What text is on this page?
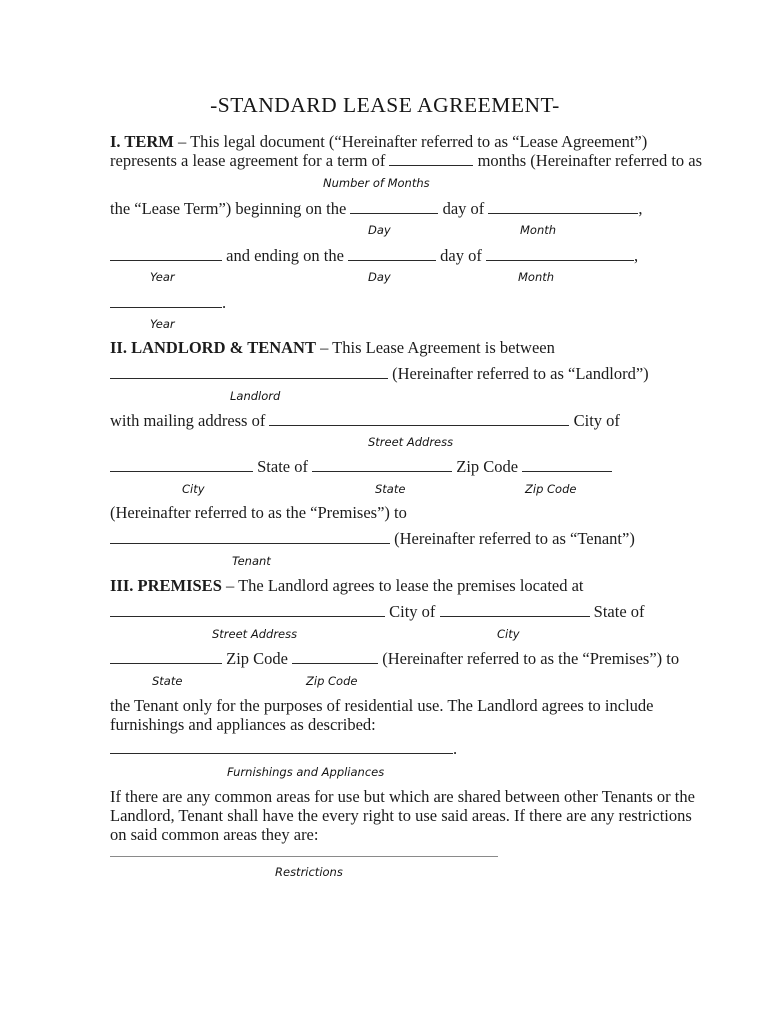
-STANDARD LEASE AGREEMENT-
I. TERM – This legal document (“Hereinafter referred to as “Lease Agreement”)
represents a lease agreement for a term of	months (Hereinafter referred to as
Number of Months
the “Lease Term”) beginning on the	day of	,
Day	Month
and ending on the	day of	,
Year	Day	Month
.
Year
II. LANDLORD & TENANT – This Lease Agreement is between
(Hereinafter referred to as “Landlord”)
Landlord
with mailing address of	City of
Street Address
State of	Zip Code
City	State	Zip Code
(Hereinafter referred to as the “Premises”) to
(Hereinafter referred to as “Tenant”)
Tenant
III. PREMISES – The Landlord agrees to lease the premises located at
City of	State of
Street Address	City
Zip Code	(Hereinafter referred to as the “Premises”) to
State	Zip Code
the Tenant only for the purposes of residential use. The Landlord agrees to include
furnishings and appliances as described:
.
Furnishings and Appliances
If there are any common areas for use but which are shared between other Tenants or the
Landlord, Tenant shall have the every right to use said areas. If there are any restrictions
on said common areas they are:
Restrictions
